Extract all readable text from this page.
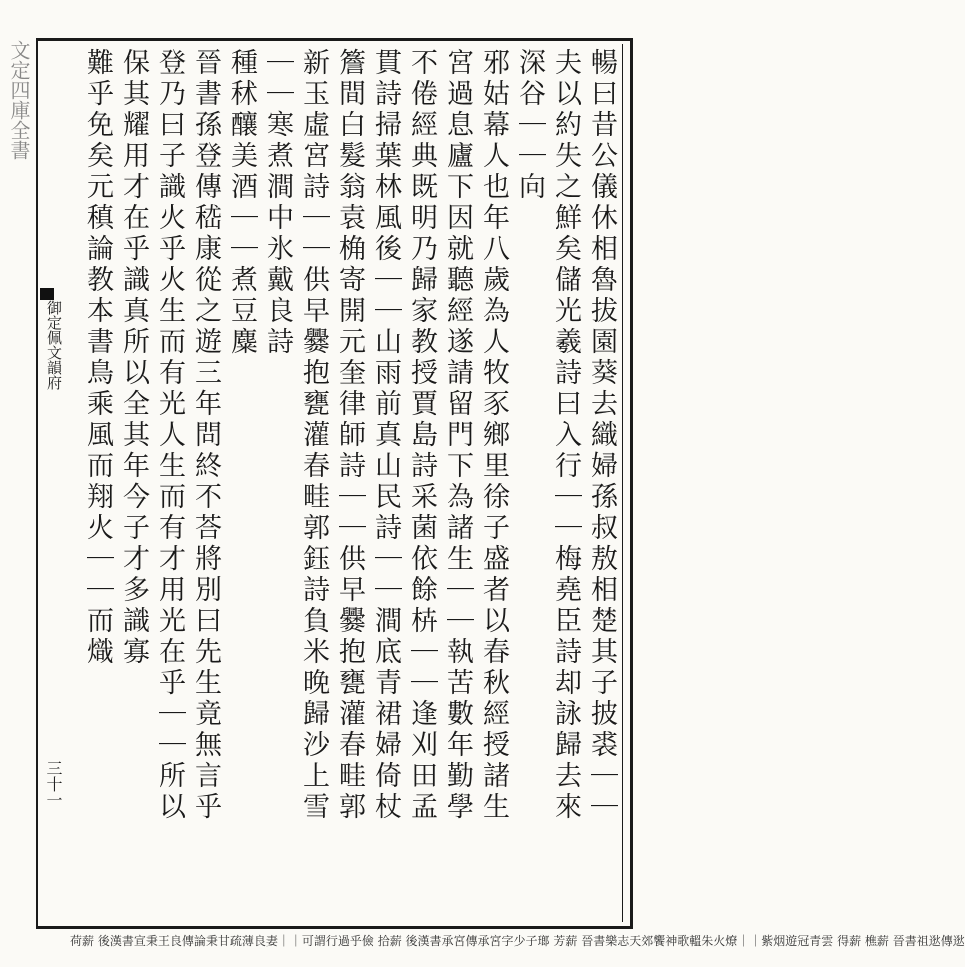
文定四庫全書
御定佩文韻府
三十一	暢曰昔公儀休相魯拔園葵去織婦孫叔敖相楚其子披裘｜｜
夫以約失之鮮矣儲光羲詩曰入行｜｜梅堯臣詩却詠歸去來
深谷｜｜向
邪姑幕人也年八歲為人牧豕鄉里徐子盛者以春秋經授諸生
宮過息廬下因就聽經遂請留門下為諸生｜｜執苦數年勤學
不倦經典既明乃歸家教授賈島詩采菌依餘枿｜｜逢刈田孟
貫詩掃葉林風後｜｜山雨前真山民詩｜｜澗底青裙婦倚杖
簷間白髮翁袁桷寄開元奎律師詩｜｜供早爨抱甕灌春畦郭
新玉虛宮詩｜｜供早爨抱甕灌春畦郭鈺詩負米晚歸沙上雪
｜｜寒煮澗中氷戴良詩
種秫釀美酒｜｜煮豆麋
晉書孫登傳嵇康從之遊三年問終不荅將別曰先生竟無言乎
登乃曰子識火乎火生而有光人生而有才用光在乎｜｜所以
保其耀用才在乎識真所以全其年今子才多識寡
難乎免矣元稹論教本書鳥乘風而翔火｜｜而熾
荷薪 後漢書宣秉王良傳論秉甘疏薄良妻｜｜可謂行過乎儉 拾薪 後漢書承宮傳承宮字少子瑯 芳薪 晉書樂志天郊饗神歌轀朱火燎｜｜紫烟遊冠青雲 得薪 樵薪 晉書祖逖傳逖
